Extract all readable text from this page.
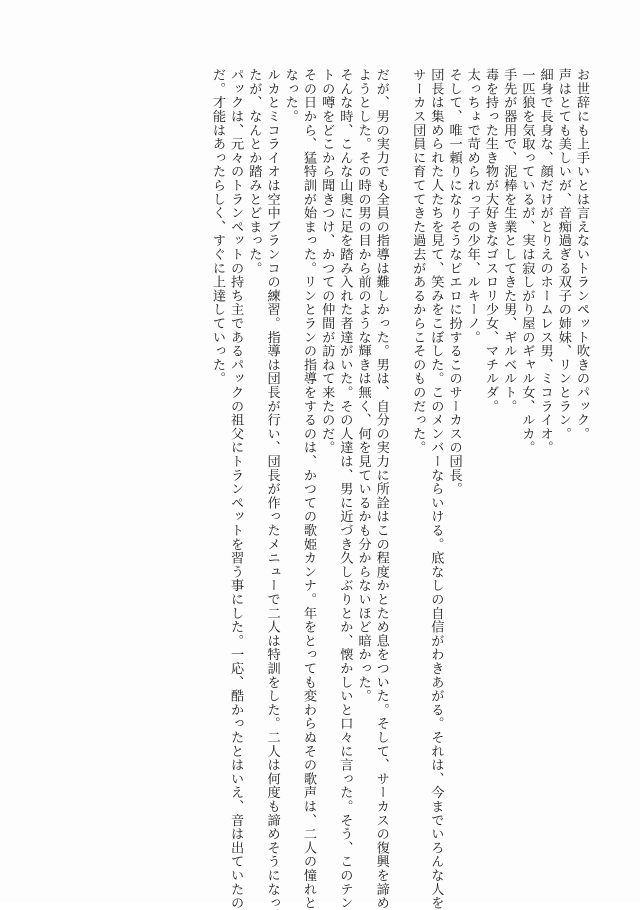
お世辞にも上手いとは言えないトランペット吹きのパック。
声はとても美しいが、音痴過ぎる双子の姉妹、リンとラン。
細身で長身な、顔だけがとりえのホームレス男、ミコライオ。
一匹狼を気取っているが、実は寂しがり屋のギャル女、ルカ。
手先が器用で、泥棒を生業としてきた男、ギルベルト。
毒を持った生き物が大好きなゴスロリ少女、マチルダ。
太っちょで苛められっ子の少年、ルキーノ。
そして、唯一頼りになりそうなピエロに扮するこのサーカスの団長。
団長は集められた人たちを見て、笑みをこぼした。このメンバーならいける。底なしの自信がわきあがる。それは、今までいろんな人を
サーカス団員に育ててきた過去があるからこそのものだった。
だが、男の実力でも全員の指導は難しかった。男は、自分の実力に所詮はこの程度かとため息をついた。そして、サーカスの復興を諦め
ようとした。その時の男の目から前のような輝きは無く、何を見ているかも分からないほど暗かった。
そんな時、こんな山奥に足を踏み入れた者達がいた。その人達は、男に近づき久しぶりとか、懐かしいと口々に言った。そう、このテン
トの噂をどこから聞きつけ、かつての仲間が訪ねて来たのだ。
その日から、猛特訓が始まった。リンとランの指導をするのは、かつての歌姫カンナ。年をとっても変わらぬその歌声は、二人の憧れと
なった。
ルカとミコライオは空中ブランコの練習。指導は団長が行い、団長が作ったメニューで二人は特訓をした。二人は何度も諦めそうになっ
たが、なんとか踏みとどまった。
パックは、元々のトランペットの持ち主であるパックの祖父にトランペットを習う事にした。一応、酷かったとはいえ、音は出ていたの
だ。才能はあったらしく、すぐに上達していった。
